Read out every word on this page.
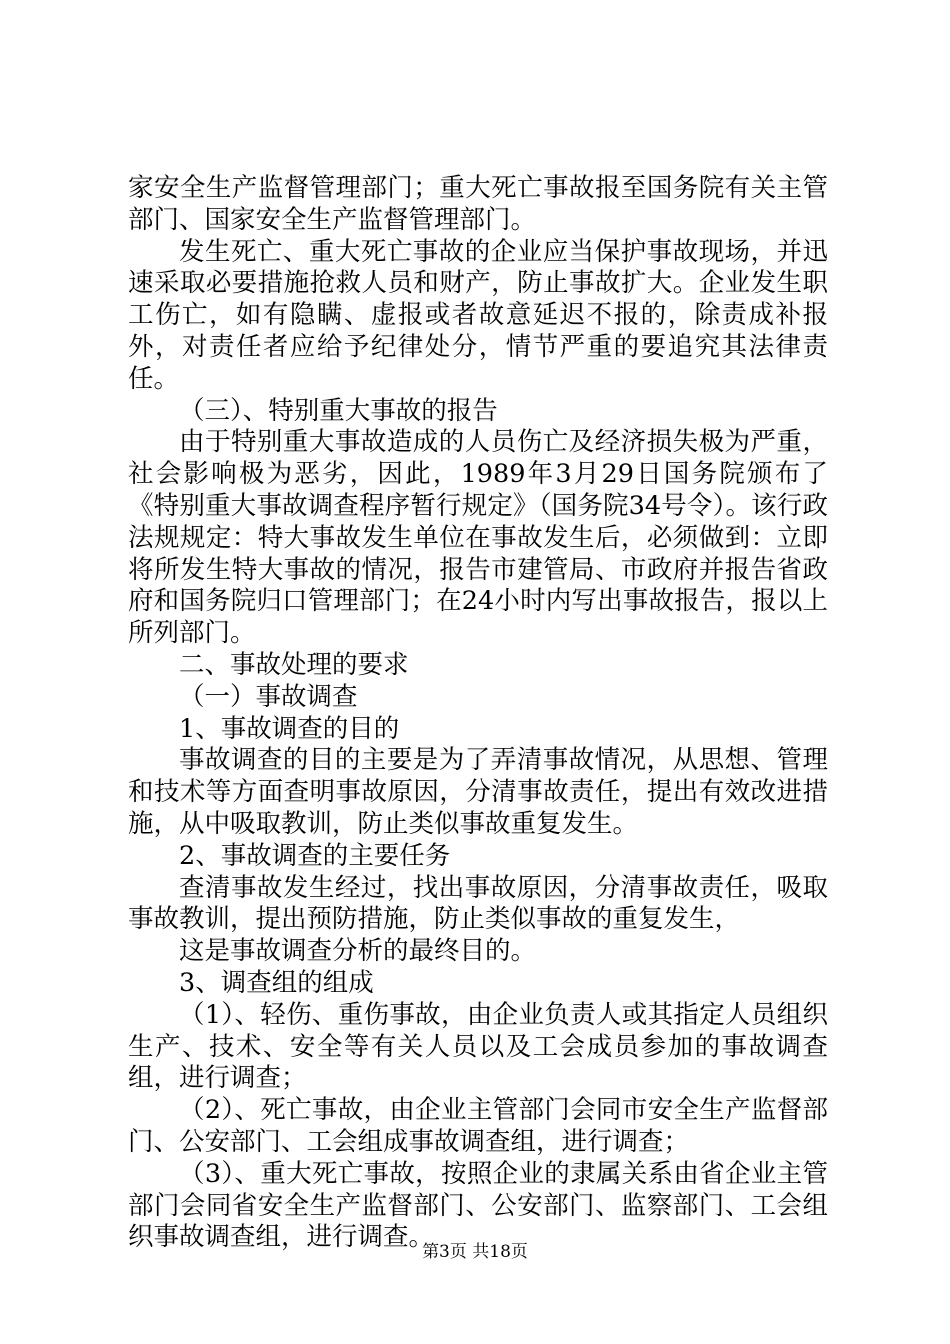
家安全生产监督管理部门；重大死亡事故报至国务院有关主管部门、国家安全生产监督管理部门。

发生死亡、重大死亡事故的企业应当保护事故现场，并迅速采取必要措施抢救人员和财产，防止事故扩大。企业发生职工伤亡，如有隐瞒、虚报或者故意延迟不报的，除责成补报外，对责任者应给予纪律处分，情节严重的要追究其法律责任。

（三）、特别重大事故的报告

由于特别重大事故造成的人员伤亡及经济损失极为严重，社会影响极为恶劣，因此，1989年3月29日国务院颁布了《特别重大事故调查程序暂行规定》（国务院34号令）。该行政法规规定：特大事故发生单位在事故发生后，必须做到：立即将所发生特大事故的情况，报告市建管局、市政府并报告省政府和国务院归口管理部门；在24小时内写出事故报告，报以上所列部门。

二、事故处理的要求

（一）事故调查

1、事故调查的目的

事故调查的目的主要是为了弄清事故情况，从思想、管理和技术等方面查明事故原因，分清事故责任，提出有效改进措施，从中吸取教训，防止类似事故重复发生。

2、事故调查的主要任务

查清事故发生经过，找出事故原因，分清事故责任，吸取事故教训，提出预防措施，防止类似事故的重复发生，

这是事故调查分析的最终目的。

3、调查组的组成

（1）、轻伤、重伤事故，由企业负责人或其指定人员组织生产、技术、安全等有关人员以及工会成员参加的事故调查组，进行调查；

（2）、死亡事故，由企业主管部门会同市安全生产监督部门、公安部门、工会组成事故调查组，进行调查；

（3）、重大死亡事故，按照企业的隶属关系由省企业主管部门会同省安全生产监督部门、公安部门、监察部门、工会组织事故调查组，进行调查。

第3页 共18页
